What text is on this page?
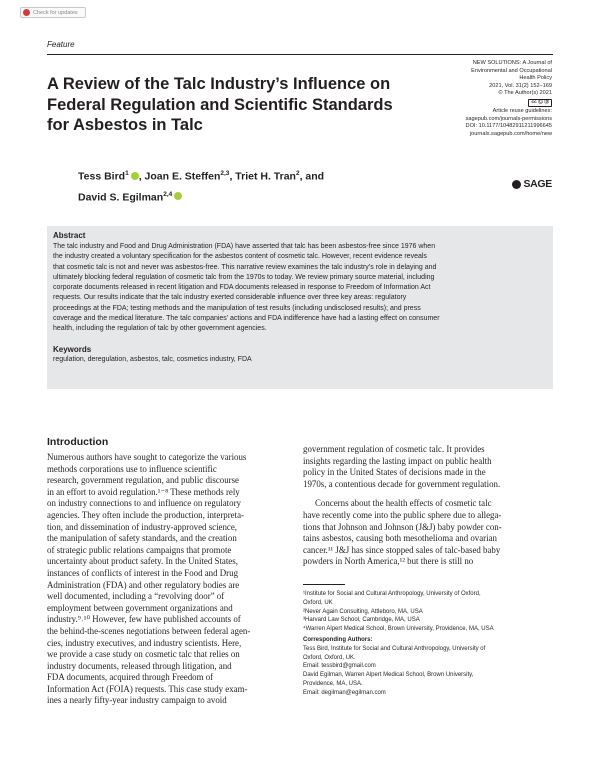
Check for updates
Feature
A Review of the Talc Industry’s Influence on
Federal Regulation and Scientific Standards
for Asbestos in Talc
NEW SOLUTIONS: A Journal of
Environmental and Occupational
Health Policy
2021, Vol. 31(2) 152–169
© The Author(s) 2021
cc Ⓒ Ⓓ
Article reuse guidelines:
sagepub.com/journals-permissions
DOI: 10.1177/10482911211996645
journals.sagepub.com/home/new
SAGE
Tess Bird$^1$ , Joan E. Steffen$^{2,3}$, Triet H. Tran$^2$, and
David S. Egilman$^{2,4}$
Abstract
The talc industry and Food and Drug Administration (FDA) have asserted that talc has been asbestos-free since 1976 when
the industry created a voluntary specification for the asbestos content of cosmetic talc. However, recent evidence reveals
that cosmetic talc is not and never was asbestos-free. This narrative review examines the talc industry’s role in delaying and
ultimately blocking federal regulation of cosmetic talc from the 1970s to today. We review primary source material, including
corporate documents released in recent litigation and FDA documents released in response to Freedom of Information Act
requests. Our results indicate that the talc industry exerted considerable influence over three key areas: regulatory
proceedings at the FDA; testing methods and the manipulation of test results (including undisclosed results); and press
coverage and the medical literature. The talc companies’ actions and FDA indifference have had a lasting effect on consumer
health, including the regulation of talc by other government agencies.
Keywords
regulation, deregulation, asbestos, talc, cosmetics industry, FDA
Introduction
Numerous authors have sought to categorize the various
methods corporations use to influence scientific
research, government regulation, and public discourse
in an effort to avoid regulation.¹⁻⁸ These methods rely
on industry connections to and influence on regulatory
agencies. They often include the production, interpreta-
tion, and dissemination of industry-approved science,
the manipulation of safety standards, and the creation
of strategic public relations campaigns that promote
uncertainty about product safety. In the United States,
instances of conflicts of interest in the Food and Drug
Administration (FDA) and other regulatory bodies are
well documented, including a “revolving door” of
employment between government organizations and
industry.⁹˒¹⁰ However, few have published accounts of
the behind-the-scenes negotiations between federal agen-
cies, industry executives, and industry scientists. Here,
we provide a case study on cosmetic talc that relies on
industry documents, released through litigation, and
FDA documents, acquired through Freedom of
Information Act (FOIA) requests. This case study exam-
ines a nearly fifty-year industry campaign to avoid
government regulation of cosmetic talc. It provides
insights regarding the lasting impact on public health
policy in the United States of decisions made in the
1970s, a contentious decade for government regulation.
Concerns about the health effects of cosmetic talc
have recently come into the public sphere due to allega-
tions that Johnson and Johnson (J&J) baby powder con-
tains asbestos, causing both mesothelioma and ovarian
cancer.¹¹ J&J has since stopped sales of talc-based baby
powders in North America,¹² but there is still no
¹Institute for Social and Cultural Anthropology, University of Oxford,
Oxford, UK
²Never Again Consulting, Attleboro, MA, USA
³Harvard Law School, Cambridge, MA, USA
⁴Warren Alpert Medical School, Brown University, Providence, MA, USA
Corresponding Authors:
Tess Bird, Institute for Social and Cultural Anthropology, University of
Oxford, Oxford, UK.
Email: tessbird@gmail.com
David Egilman, Warren Alpert Medical School, Brown University,
Providence, MA, USA.
Email: degilman@egilman.com
